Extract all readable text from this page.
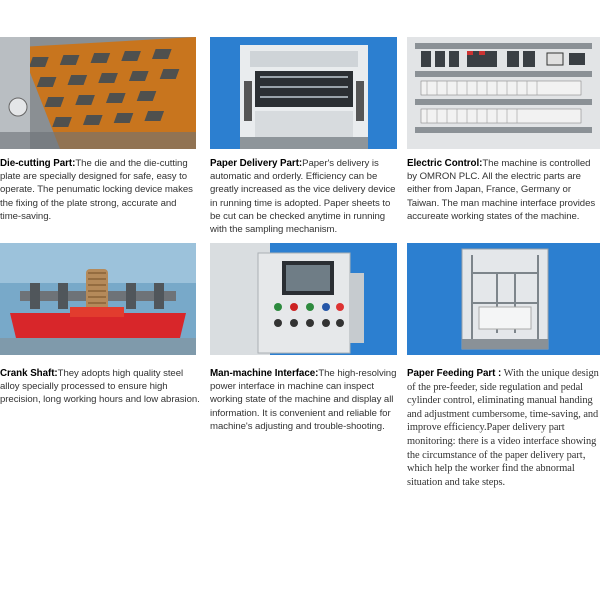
Die-cutting Part:The die and the die-cutting plate are specially designed for safe, easy to operate. The penumatic locking device makes the fixing of the plate strong, accurate and time-saving.
Paper Delivery Part:Paper's delivery is automatic and orderly. Efficiency can be greatly increased as the vice delivery device in running time is adopted. Paper sheets to be cut can be checked anytime in running with the sampling mechanism.
Electric Control:The machine is controlled by OMRON PLC. All the electric parts are either from Japan, France, Germany or Taiwan. The man machine interface provides accureate working states of the machine.
Crank Shaft:They adopts high quality steel alloy specially processed to ensure high precision, long working hours and low abrasion.
Man-machine Interface:The high-resolving power interface in machine can inspect working state of the machine and display all information. It is convenient and reliable for machine's adjusting and trouble-shooting.
Paper Feeding Part : With the unique design of the pre-feeder, side regulation and pedal cylinder control, eliminating manual handing and adjustment cumbersome, time-saving, and improve efficiency.Paper delivery part monitoring: there is a video interface showing the circumstance of the paper delivery part， which help the worker find the abnormal situation and take steps.
